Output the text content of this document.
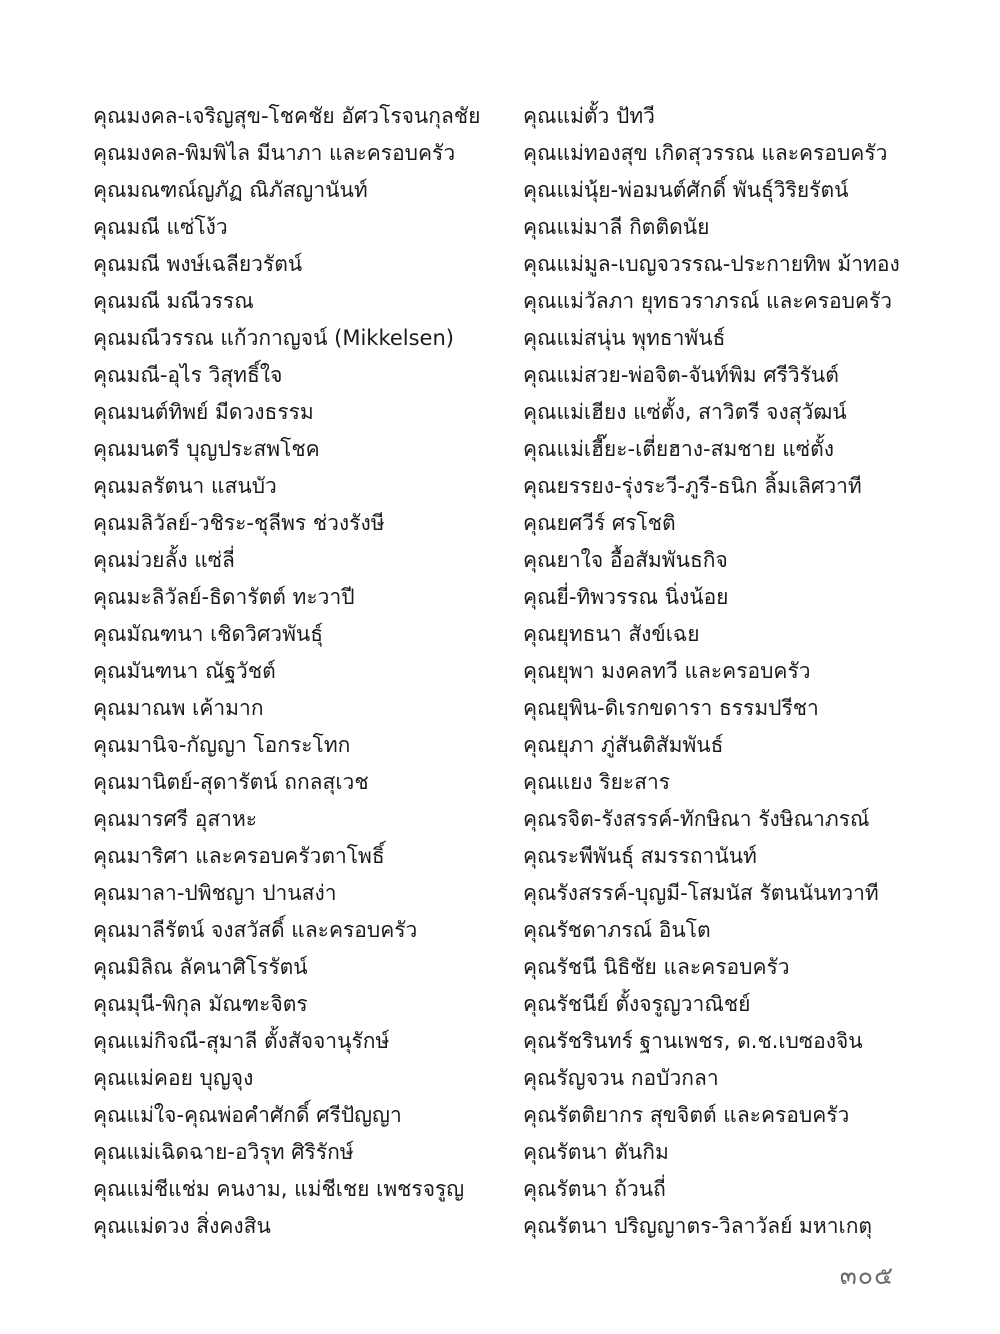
คุณมงคล-เจริญสุข-โชคชัย อัศวโรจนกุลชัย
คุณมงคล-พิมพิไล มีนาภา และครอบครัว
คุณมณฑณ์ญภัฏ ณิภัสญานันท์
คุณมณี แซ่โง้ว
คุณมณี พงษ์เฉลียวรัตน์
คุณมณี มณีวรรณ
คุณมณีวรรณ แก้วกาญจน์ (Mikkelsen)
คุณมณี-อุไร วิสุทธิ์ใจ
คุณมนต์ทิพย์ มีดวงธรรม
คุณมนตรี บุญประสพโชค
คุณมลรัตนา แสนบัว
คุณมลิวัลย์-วชิระ-ชุลีพร ช่วงรังษี
คุณม่วยลั้ง แซ่ลี่
คุณมะลิวัลย์-ธิดารัตต์ ทะวาปี
คุณมัณฑนา เชิดวิศวพันธุ์
คุณมันฑนา ณัฐวัชต์
คุณมาณพ เค้ามาก
คุณมานิจ-กัญญา โอกระโทก
คุณมานิตย์-สุดารัตน์ ถกลสุเวช
คุณมารศรี อุสาหะ
คุณมาริศา และครอบครัวตาโพธิ์
คุณมาลา-ปพิชญา ปานสง่า
คุณมาลีรัตน์ จงสวัสดิ์ และครอบครัว
คุณมิลิณ ลัคนาศิโรรัตน์
คุณมุนี-พิกุล มัณฑะจิตร
คุณแม่กิจณี-สุมาลี ตั้งสัจจานุรักษ์
คุณแม่คอย บุญจุง
คุณแม่ใจ-คุณพ่อคำศักดิ์ ศรีปัญญา
คุณแม่เฉิดฉาย-อวิรุท ศิริรักษ์
คุณแม่ชีแช่ม คนงาม, แม่ชีเชย เพชรจรูญ
คุณแม่ดวง สิ่งคงสิน
คุณแม่ตั้ว ปัทวี
คุณแม่ทองสุข เกิดสุวรรณ และครอบครัว
คุณแม่นุ้ย-พ่อมนต์ศักดิ์ พันธุ์วิริยรัตน์
คุณแม่มาลี กิตติดนัย
คุณแม่มูล-เบญจวรรณ-ประกายทิพ ม้าทอง
คุณแม่วัลภา ยุทธวราภรณ์ และครอบครัว
คุณแม่สนุ่น พุทธาพันธ์
คุณแม่สวย-พ่อจิต-จันท์พิม ศรีวิรันต์
คุณแม่เฮียง แซ่ตั้ง, สาวิตรี จงสุวัฒน์
คุณแม่เฮี๊ยะ-เตี่ยฮาง-สมชาย แซ่ตั้ง
คุณยรรยง-รุ่งระวี-ภูรี-ธนิก ลิ้มเลิศวาที
คุณยศวีร์ ศรโชติ
คุณยาใจ อื้อสัมพันธกิจ
คุณยี่-ทิพวรรณ นิ่งน้อย
คุณยุทธนา สังข์เฉย
คุณยุพา มงคลทวี และครอบครัว
คุณยุพิน-ดิเรกขดารา ธรรมปรีชา
คุณยุภา ภู่สันติสัมพันธ์
คุณแยง ริยะสาร
คุณรจิต-รังสรรค์-ทักษิณา รังษิณาภรณ์
คุณระพีพันธุ์ สมรรถานันท์
คุณรังสรรค์-บุญมี-โสมนัส รัตนนันทวาที
คุณรัชดาภรณ์ อินโต
คุณรัชนี นิธิชัย และครอบครัว
คุณรัชนีย์ ตั้งจรูญวาณิชย์
คุณรัชรินทร์ ฐานเพชร, ด.ช.เบซองจิน
คุณรัญจวน กอบัวกลา
คุณรัตติยากร สุขจิตต์ และครอบครัว
คุณรัตนา ตันกิม
คุณรัตนา ถ้วนถี่
คุณรัตนา ปริญญาตร-วิลาวัลย์ มหาเกตุ
๓๐๕
